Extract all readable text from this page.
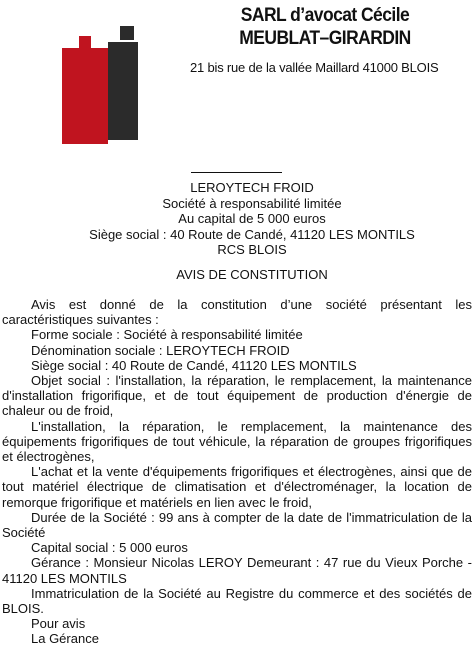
SARL d’avocat Cécile
MEUBLAT–GIRARDIN
21 bis rue de la vallée Maillard 41000 BLOIS
LEROYTECH FROID
Société à responsabilité limitée
Au capital de 5 000 euros
Siège social : 40 Route de Candé, 41120 LES MONTILS
RCS BLOIS
AVIS DE CONSTITUTION

Avis est donné de la constitution d’une société présentant les caractéristiques suivantes :

Forme sociale : Société à responsabilité limitée

Dénomination sociale : LEROYTECH FROID

Siège social : 40 Route de Candé, 41120 LES MONTILS

Objet social : l'installation, la réparation, le remplacement, la maintenance d'installation frigorifique, et de tout équipement de production d'énergie de chaleur ou de froid,

L'installation, la réparation, le remplacement, la maintenance des équipements frigorifiques de tout véhicule, la réparation de groupes frigorifiques et électrogènes,

L'achat et la vente d'équipements frigorifiques et électrogènes, ainsi que de tout matériel électrique de climatisation et d'électroménager, la location de remorque frigorifique et matériels en lien avec le froid,

Durée de la Société : 99 ans à compter de la date de l'immatriculation de la Société

Capital social : 5 000 euros

Gérance : Monsieur Nicolas LEROY Demeurant : 47 rue du Vieux Porche - 41120 LES MONTILS

Immatriculation de la Société au Registre du commerce et des sociétés de BLOIS.

Pour avis

La Gérance
